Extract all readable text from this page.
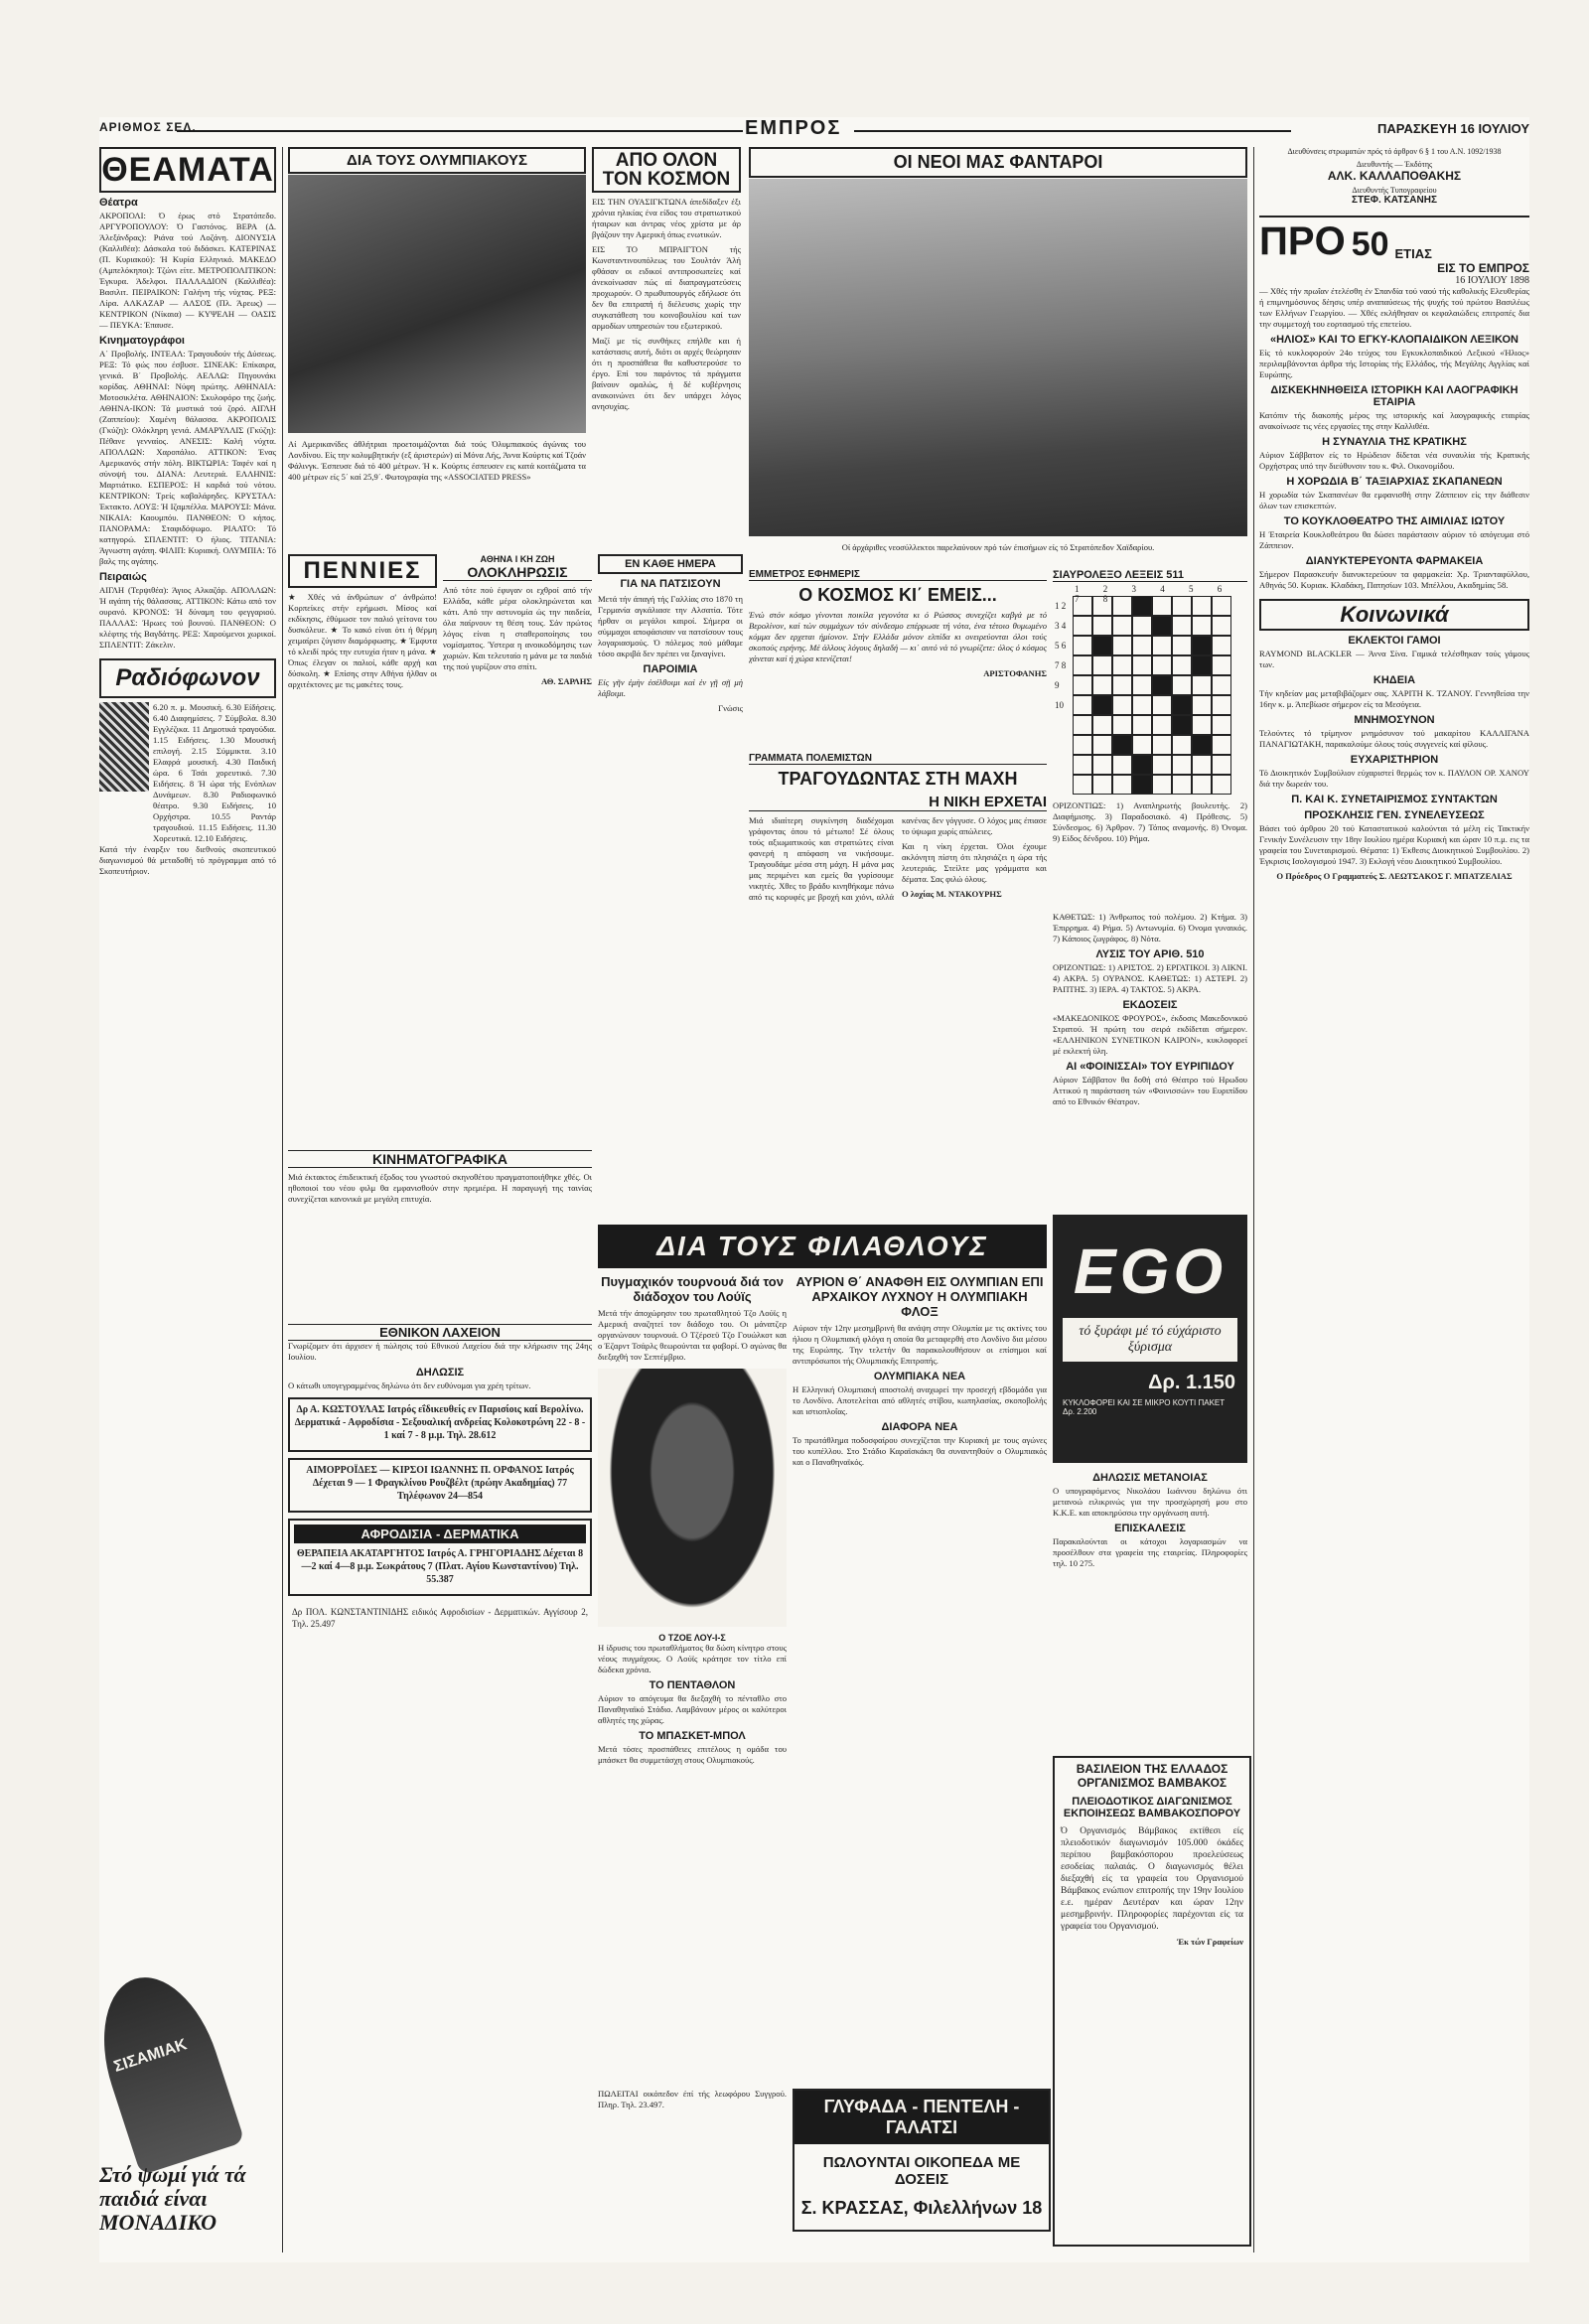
ΑΡΙΘΜΟΣ ΣΕΛ.	ΕΜΠΡΟΣ	ΠΑΡΑΣΚΕΥΗ 16 ΙΟΥΛΙΟΥ
ΘΕΑΜΑΤΑ
Θέατρα

ΑΚΡΟΠΟΛΙ: Ό έρως στό Στρατόπεδο. ΑΡΓΥΡΟΠΟΥΛΟΥ: Ό Γαστόνος. ΒΕΡΑ (Δ. Άλεξάνδρας): Ριάνα τού Λοζάνη. ΔΙΟΝΥΣΙΑ (Καλλιθέα): Δάσκαλα τού διδάσκει. ΚΑΤΕΡΙΝΑΣ (Π. Κυριακού): Ή Κυρία Ελληνικό. ΜΑΚΕΔΟ (Αμπελόκηποι): Τζώνι είτε. ΜΕΤΡΟΠΟΛΙΤΙΚΟΝ: Έγκυρα. Άδελφοι. ΠΑΛΛΑΔΙΟΝ (Καλλιθέα): Βασιλιτ. ΠΕΙΡΑΙΚΟΝ: Γαλήνη τής νύχτας. ΡΕΞ: Λίρα. ΑΛΚΑΖΑΡ — ΑΛΣΟΣ (Πλ. Άρεως) — ΚΕΝΤΡΙΚΟΝ (Νίκαια) — ΚΥΨΕΛΗ — ΟΑΣΙΣ — ΠΕΥΚΑ: Έπαυσε.

Κινηματογράφοι

Α΄ Προβολής. ΙΝΤΕΑΛ: Τραγουδούν τής Δύσεως. ΡΕΞ: Τό φώς που έσβυσε. ΣΙΝΕΑΚ: Επίκαιρα, γενικά. Β΄ Προβολής. ΑΕΛΛΩ: Πηγουνάκι κορίδας. ΑΘΗΝΑΙ: Νύφη πρώτης. ΑΘΗΝΑΙΑ: Μοτοσικλέτα. ΑΘΗΝΑΙΟΝ: Σκυλοφόρο της ζωής. ΑΘΗΝΑ-ΙΚΟΝ: Τά μυστικά τού ζορό. ΑΙΓΛΗ (Ζαππείου): Χαμένη θάλασσα. ΑΚΡΟΠΟΛΙΣ (Γκύζη): Ολόκληρη γενιά. ΑΜΑΡΥΛΛΙΣ (Γκύζη): Πέθανε γενναίος. ΑΝΕΣΙΣ: Καλή νύχτα. ΑΠΟΛΛΩΝ: Χαροπάλιο. ΑΤΤΙΚΟΝ: Ένας Αμερικανός στήν πόλη. ΒΙΚΤΩΡΙΑ: Ταφέν καί η σύνοψή του. ΔΙΑΝΑ: Λευτεριά. ΕΛΛΗΝΙΣ: Μαρτιάτικο. ΕΣΠΕΡΟΣ: Η καρδιά τού νότου. ΚΕΝΤΡΙΚΟΝ: Τρείς καβαλάρηδες. ΚΡΥΣΤΑΛ: Έκτακτο. ΛΟΥΞ: Ή Ιζαμπέλλα. ΜΑΡΟΥΣΙ: Μάνα. ΝΙΚΑΙΑ: Καουμπόυ. ΠΑΝΘΕΟΝ: Ό κήπος. ΠΑΝΟΡΑΜΑ: Σταφιδόψωμο. ΡΙΑΛΤΟ: Τό κατηγορώ. ΣΠΛΕΝΤΙΤ: Ό ήλιος. ΤΙΤΑΝΙΑ: Άγνωστη αγάπη. ΦΙΛΙΠ: Κυριακή. ΟΛΥΜΠΙΑ: Τό βαλς της αγάπης.

Πειραιώς

ΑΙΓΛΗ (Τερψιθέα): Άγιος Αλκαζάρ. ΑΠΟΛΛΩΝ: Ή αγάπη τής θάλασσας. ΑΤΤΙΚΟΝ: Κάτω από τον ουρανό. ΚΡΟΝΟΣ: Ή δύναμη του φεγγαριού. ΠΑΛΛΑΣ: Ήρωες τού βουνού. ΠΑΝΘΕΟΝ: Ο κλέφτης τής Βαγδάτης. ΡΕΞ: Χαρούμενοι χωρικοί. ΣΠΛΕΝΤΙΤ: Ζάκελιν.

Ραδιόφωνον

6.20 π. μ. Μουσική. 6.30 Είδήσεις. 6.40 Διαφημίσεις. 7 Σύμβολα. 8.30 Εγγλέζικα. 11 Δημοτικά τραγούδια. 1.15 Ειδήσεις. 1.30 Μουσική επιλογή. 2.15 Σύμμικτα. 3.10 Ελαφρά μουσική. 4.30 Παιδική ώρα. 6 Τσάι χορευτικό. 7.30 Ειδήσεις. 8 Ή ώρα τής Ενόπλων Δυνάμεων. 8.30 Ραδιοφωνικό θέατρο. 9.30 Ειδήσεις. 10 Ορχήστρα. 10.55 Ραντάρ τραγουδιού. 11.15 Ειδήσεις. 11.30 Χορευτικά. 12.10 Ειδήσεις.

Κατά τήν έναρξιν του διεθνούς σκοπευτικού διαγωνισμού θά μεταδοθή τό πρόγραμμα από τό Σκοπευτήριον.

ΣΙΣΑΜΙΑΚ
Στό ψωμί γιά τά παιδιά είναι ΜΟΝΑΔΙΚΟ
ΔΙΑ ΤΟΥΣ ΟΛΥΜΠΙΑΚΟΥΣ

Αί Αμερικανίδες άθλήτριαι προετοιμάζονται διά τούς Όλυμπιακούς άγώνας του Λονδίνου. Είς την κολυμβητικήν (εξ άριστερών) αί Μόνα Λής, Άννα Κούρτις καί Τζοάν Φάλινγκ. Έσπευσε διά τό 400 μέτρων. Ή κ. Κούρτις έσπευσεν εις κατά κοιτάζματα τα 400 μέτρων είς 5΄ καί 25,9΄. Φωτογραφία της «ASSOCIATED PRESS»

ΑΠΟ ΟΛΟΝ ΤΟΝ ΚΟΣΜΟΝ

ΕΙΣ ΤΗΝ ΟΥΑΣΙΓΚΤΩΝΑ άπεδίδαξεν έξι χρόνια ηλικίας ένα είδος του στρατιωτικού ήταιρων και άντρας νέος χρίστα με άρ βγάζουν την Αμερική όπως ενωτικών.

ΕΙΣ ΤΟ ΜΠΡΑΙΓΤΟΝ τής Κωνσταντινουπόλεως του Σουλτάν Άλή φθάσαν οι ειδικοί αντιπροσωπείες καί άνεκοίνωσαν πώς αί διαπραγματεύσεις προχωρούν. Ο πρωθυπουργός εδήλωσε ότι δεν θα επιτραπή ή διέλευσις χωρίς την συγκατάθεση του κοινοβουλίου καί των αρμοδίων υπηρεσιών του εξωτερικού.

Μαζί με τίς συνθήκες επήλθε και ή κατάστασις αυτή, διότι οι αρχές θεώρησαν ότι η προσπάθεια θα καθυστερούσε το έργο. Επί του παρόντος τά πράγματα βαίνουν ομαλώς, ή δέ κυβέρνησις ανακοινώνει ότι δεν υπάρχει λόγος ανησυχίας.

ΟΙ ΝΕΟΙ ΜΑΣ ΦΑΝΤΑΡΟΙ

Οί άρχάριθες νεοσύλλεκτοι παρελαύνουν πρό τών έπισήμων είς τό Στρατόπεδον Χαϊδαρίου.

Διευθύνσεις στρωματών πρός τό άρθρον 6 § 1 του Α.Ν. 1092/1938
Διευθυντής — Έκδότης
ΑΛΚ. ΚΑΛΛΑΠΟΘΑΚΗΣ
Διευθυντής Τυπογραφείου
ΣΤΕΦ. ΚΑΤΣΑΝΗΣ
ΠΡΟ 50 ΕΤΙΑΣ
ΕΙΣ ΤΟ ΕΜΠΡΟΣ
16 ΙΟΥΛΙΟΥ 1898

— Χθές τήν πρωΐαν έτελέσθη έν Σπανδία τού ναού τής καθολικής Ελευθερίας ή επιμνημόσυνος δέησις υπέρ αναπαύσεως τής ψυχής τού πρώτου Βασιλέως των Ελλήνων Γεωργίου. — Χθές εκλήθησαν οι κεφαλαιώδεις επιτροπές δια την συμμετοχή του εορτασμού τής επετείου.

«ΗΛΙΟΣ» ΚΑΙ ΤΟ ΕΓΚΥ-ΚΛΟΠΑΙΔΙΚΟΝ ΛΕΞΙΚΟΝ

Είς τό κυκλοφορούν 24ο τεύχος του Εγκυκλοπαιδικού Λεξικού «Ήλιος» περιλαμβάνονται άρθρα τής Ιστορίας τής Ελλάδος, τής Μεγάλης Αγγλίας καί Ευρώπης.

ΔΙΣΚΕΚΗΝΗΘΕΙΣΑ ΙΣΤΟΡΙΚΗ ΚΑΙ ΛΑΟΓΡΑΦΙΚΗ ΕΤΑΙΡΙΑ

Κατόπιν τής διακοπής μέρος της ιστορικής καί λαογραφικής εταιρίας ανακοίνωσε τις νέες εργασίες της στην Καλλιθέα.

Η ΣΥΝΑΥΛΙΑ ΤΗΣ ΚΡΑΤΙΚΗΣ

Αύριον Σάββατον είς το Ηρώδειον δίδεται νέα συναυλία τής Κρατικής Ορχήστρας υπό την διεύθυνσιν του κ. Φιλ. Οικονομίδου.

Η ΧΟΡΩΔΙΑ Β΄ ΤΑΞΙΑΡΧΙΑΣ ΣΚΑΠΑΝΕΩΝ

Η χορωδία τών Σκαπανέων θα εμφανισθή στην Ζάππειον είς την διάθεσιν όλων των επισκεπτών.

ΤΟ ΚΟΥΚΛΟΘΕΑΤΡΟ ΤΗΣ ΑΙΜΙΛΙΑΣ ΙΩΤΟΥ

Η Έταιρεία Κουκλοθεάτρου θα δώσει παράστασιν αύριον τό απόγευμα στό Ζάππειον.

ΔΙΑΝΥΚΤΕΡΕΥΟΝΤΑ ΦΑΡΜΑΚΕΙΑ

Σήμερον Παρασκευήν διανυκτερεύουν τα φαρμακεία: Χρ. Τριανταφύλλου, Αθηνάς 50. Κυριακ. Κλαδάκη, Πατησίων 103. Μπέλλου, Ακαδημίας 58.

Κοινωνικά
ΕΚΛΕΚΤΟΙ ΓΑΜΟΙ

RAYMOND BLACKLER — Άννα Σίνα. Γαμικά τελέσθηκαν τούς γάμους των.

ΚΗΔΕΙΑ

Τήν κηδείαν μας μεταβιβάζομεν σας. ΧΑΡΙΤΗ Κ. ΤΖΑΝΟΥ. Γεννηθείσα την 16ην κ. μ. Άπεβίωσε σήμερον είς τα Μεσόγεια.

ΜΝΗΜΟΣΥΝΟΝ

Τελούντες τό τρίμηνον μνημόσυνον τού μακαρίτου ΚΑΛΛΙΓΑΝΑ ΠΑΝΑΓΙΩΤΑΚΗ, παρακαλούμε όλους τούς συγγενείς καί φίλους.

ΕΥΧΑΡΙΣΤΗΡΙΟΝ

Τό Διοικητικόν Συμβούλιον εύχαριστεί θερμώς τον κ. ΠΑΥΛΟΝ ΟΡ. ΧΑΝΟΥ διά την δωρεάν του.

Π. ΚΑΙ Κ. ΣΥΝΕΤΑΙΡΙΣΜΟΣ ΣΥΝΤΑΚΤΩΝ
ΠΡΟΣΚΛΗΣΙΣ ΓΕΝ. ΣΥΝΕΛΕΥΣΕΩΣ

Βάσει τού άρθρου 20 τού Καταστατικού καλούνται τά μέλη είς Τακτικήν Γενικήν Συνέλευσιν την 18ην Ιουλίου ημέρα Κυριακή και ώραν 10 π.μ. εις τα γραφεία του Συνεταιρισμού. Θέματα: 1) Έκθεσις Διοικητικού Συμβουλίου. 2) Έγκρισις Ισολογισμού 1947. 3) Εκλογή νέου Διοικητικού Συμβουλίου.

Ο Πρόεδρος Ο Γραμματεύς Σ. ΛΕΩΤΣΑΚΟΣ Γ. ΜΠΑΤΖΕΛΙΑΣ

ΠΕΝΝΙΕΣ

★ Χθές νά άνθρώπων σ' άνθρώπο! Κορπείκες στήν ερήμωσι. Μίσος καί εκδίκησις, έθύμωσε τον παλιό γείτονα του δυσκόλευε. ★ Το κακό είναι ότι ή θέρμη χειμαίρει ζύγισιν διαμόρφωσης. ★ Έμφυτα τό κλειδί πρός την ευτυχία ήταν η μάνα. ★ Όπως έλεγαν οι παλιοί, κάθε αρχή και δύσκολη. ★ Επίσης στην Αθήνα ήλθαν οι αρχιτέκτονες με τις μακέτες τους.

ΑΘΗΝΑ Ι ΚΗ ΖΩΗ
ΟΛΟΚΛΗΡΩΣΙΣ

Από τότε πού έφυγαν οι εχθροί από τήν Ελλάδα, κάθε μέρα ολοκληρώνεται και κάτι. Από την αστυνομία ώς την παιδεία, όλα παίρνουν τη θέση τους. Σάν πρώτος λόγος είναι η σταθεροποίησις του νομίσματος. Ύστερα η ανοικοδόμησις των χωριών. Και τελευταίο η μάνα με τα παιδιά της πού γυρίζουν στο σπίτι.

ΑΘ. ΣΑΡΛΗΣ

ΕΜΜΕΤΡΟΣ ΕΦΗΜΕΡΙΣ
Ο ΚΟΣΜΟΣ ΚΙ΄ ΕΜΕΙΣ...

Ένώ στόν κόσμο γίνονται ποικίλα γεγονότα κι ό Ρώσσος συνεχίζει καβγά με τό Βερολίνον, καί τών συμμάχων τόν σύνδεσμο επέρρωσε τή νότα, ένα τέτοιο θυμωμένο κόμμα δεν ερχεται ήμίονον. Στήν Ελλάδα μόνον ελπίδα κι ονειρεύονται όλοι τούς σκοπούς ειρήνης. Μέ άλλους λόγους δηλαδή — κι΄ αυτό νά τό γνωρίζετε: όλος ό κόσμος χάνεται καί ή χώρα κτενίζεται!

ΑΡΙΣΤΟΦΑΝΗΣ

ΣΙΑΥΡΟΛΕΞΟ ΛΕΞΕΙΣ 511
1 2 3 4 5 6 7 8
1 2 3 4 5 6 7 8 9 10

ΟΡΙΖΟΝΤΙΩΣ: 1) Αναπληρωτής βουλευτής. 2) Διαφήμισης. 3) Παραδοσιακό. 4) Πρόθεσις. 5) Σύνδεσμος. 6) Άρθρον. 7) Τόπος αναμονής. 8) Όνομα. 9) Είδος δένδρου. 10) Ρήμα.

ΓΡΑΜΜΑΤΑ ΠΟΛΕΜΙΣΤΩΝ
ΤΡΑΓΟΥΔΩΝΤΑΣ ΣΤΗ ΜΑΧΗ
Η ΝΙΚΗ ΕΡΧΕΤΑΙ

Μιά ιδιαίτερη συγκίνηση διαδέχομαι γράφοντας όπου τό μέτωπο! Σέ όλους τούς αξιωματικούς και στρατιώτες είναι φανερή η απόφαση να νικήσουμε. Τραγουδάμε μέσα στη μάχη. Η μάνα μας μας περιμένει και εμείς θα γυρίσουμε νικητές. Χθες το βράδυ κινηθήκαμε πάνω από τις κορυφές με βροχή και χιόνι, αλλά κανένας δεν γόγγυσε. Ο λόχος μας έπιασε το ύψωμα χωρίς απώλειες.

Και η νίκη έρχεται. Όλοι έχουμε ακλόνητη πίστη ότι πλησιάζει η ώρα τής λευτεριάς. Στείλτε μας γράμματα και δέματα. Σας φιλώ όλους.

Ο λοχίας Μ. ΝΤΑΚΟΥΡΗΣ

ΚΑΘΕΤΩΣ: 1) Άνθρωπος τού πολέμου. 2) Κτήμα. 3) Έπιρρημα. 4) Ρήμα. 5) Αντωνυμία. 6) Όνομα γυναικός. 7) Κάποιος ζωγράφος. 8) Νότα.

ΛΥΣΙΣ ΤΟΥ ΑΡΙΘ. 510

ΟΡΙΖΟΝΤΙΩΣ: 1) ΑΡΙΣΤΟΣ. 2) ΕΡΓΑΤΙΚΟΙ. 3) ΛΙΚΝΙ. 4) ΑΚΡΑ. 5) ΟΥΡΑΝΟΣ. ΚΑΘΕΤΩΣ: 1) ΑΣΤΕΡΙ. 2) ΡΑΠΤΗΣ. 3) ΙΕΡΑ. 4) ΤΑΚΤΟΣ. 5) ΑΚΡΑ.

ΕΚΔΟΣΕΙΣ

«ΜΑΚΕΔΟΝΙΚΟΣ ΦΡΟΥΡΟΣ», έκδοσις Μακεδονικού Στρατού. Ή πρώτη του σειρά εκδίδεται σήμερον. «ΕΛΛΗΝΙΚΟΝ ΣΥΝΕΤΙΚΟΝ ΚΑΙΡΟΝ», κυκλοφορεί μέ εκλεκτή ύλη.

ΑΙ «ΦΟΙΝΙΣΣΑΙ» ΤΟΥ ΕΥΡΙΠΙΔΟΥ

Αύριον Σάββατον θα δοθή στό Θέατρο τού Ηρωδου Αττικού η παράσταση τών «Φοινισσών» του Ευριπίδου από το Εθνικόν Θέατρον.

ΕΝ ΚΑΘΕ ΗΜΕΡΑ
ΓΙΑ ΝΑ ΠΑΤΣΙΣΟΥΝ

Μετά τήν άπαγή τής Γαλλίας στο 1870 τη Γερμανία αγκάλιασε την Αλσατία. Τότε ήρθαν οι μεγάλοι καιροί. Σήμερα οι σύμμαχοι αποφάσισαν να πατσίσουν τους λογαριασμούς. Ό πόλεμος πού μάθαμε τόσο ακριβά δεν πρέπει να ξαναγίνει.

ΠΑΡΟΙΜΙΑ

Εἰς γῆν ἐμὴν ἐσέλθοιμι καὶ ἐν γῇ σῇ μὴ λάβοιμι.

Γνώσις

ΚΙΝΗΜΑΤΟΓΡΑΦΙΚΑ

Μιά έκτακτος έπιδεικτική έξοδος του γνωστού σκηνοθέτου πραγματοποιήθηκε χθές. Οι ηθοποιοί του νέου φιλμ θα εμφανισθούν στην πρεμιέρα. Η παραγωγή της ταινίας συνεχίζεται κανονικά με μεγάλη επιτυχία.

ΔΙΑ ΤΟΥΣ ΦΙΛΑΘΛΟΥΣ
Πυγμαχικόν τουρνουά διά τον διάδοχον του Λούϊς

Μετά τήν άποχώρησιν του πρωταθλητού Τζο Λούϊς η Αμερική αναζητεί τον διάδοχο του. Οι μάνατζερ οργανώνουν τουρνουά. Ο Τζέρσεϋ Τζο Γουώλκοτ και ο Έζαρντ Τσάρλς θεωρούνται τα φαβορί. Ό αγώνας θα διεξαχθή τον Σεπτέμβριο.

Ο ΤΖΟΕ ΛΟΥ-Ι-Σ

Η ίδρυσις του πρωταθλήματος θα δώση κίνητρο στους νέους πυγμάχους. Ο Λούϊς κράτησε τον τίτλο επί δώδεκα χρόνια.

ΤΟ ΠΕΝΤΑΘΛΟΝ

Αύριον το απόγευμα θα διεξαχθή το πένταθλο στο Παναθηναϊκό Στάδιο. Λαμβάνουν μέρος οι καλύτεροι αθλητές της χώρας.

ΤΟ ΜΠΑΣΚΕΤ-ΜΠΟΛ

Μετά τόσες προσπάθειες επιτέλους η ομάδα του μπάσκετ θα συμμετάσχη στους Ολυμπιακούς.

ΑΥΡΙΟΝ Θ΄ ΑΝΑΦΘΗ ΕΙΣ ΟΛΥΜΠΙΑΝ ΕΠΙ ΑΡΧΑΙΚΟΥ ΛΥΧΝΟΥ Η ΟΛΥΜΠΙΑΚΗ ΦΛΟΞ

Αύριον τήν 12ην μεσημβρινή θα ανάψη στην Ολυμπία με τις ακτίνες του ήλιου η Ολυμπιακή φλόγα η οποία θα μεταφερθή στο Λονδίνο δια μέσου της Ευρώπης. Την τελετήν θα παρακολουθήσουν οι επίσημοι καί αντιπρόσωποι τής Ολυμπιακής Επιτροπής.

ΟΛΥΜΠΙΑΚΑ ΝΕΑ

Η Ελληνική Ολυμπιακή αποστολή αναχωρεί την προσεχή εβδομάδα για το Λονδίνο. Αποτελείται από αθλητές στίβου, κωπηλασίας, σκοποβολής και ιστιοπλοΐας.

ΔΙΑΦΟΡΑ ΝΕΑ

Το πρωτάθλημα ποδοσφαίρου συνεχίζεται την Κυριακή με τους αγώνες του κυπέλλου. Στο Στάδιο Καραϊσκάκη θα συναντηθούν ο Ολυμπιακός και ο Παναθηναϊκός.

ΕΘΝΙΚΟΝ ΛΑΧΕΙΟΝ

Γνωρίζομεν ότι άρχισεν ή πώλησις τού Εθνικού Λαχείου διά την κλήρωσιν της 24ης Ιουλίου.

ΔΗΛΩΣΙΣ

Ο κάτωθι υπογεγραμμένος δηλώνω ότι δεν ευθύνομαι για χρέη τρίτων.

Δρ Α. ΚΩΣΤΟΥΛΑΣ Ιατρός εΐδικευθείς εν Παρισίοις καί Βερολίνω. Δερματικά - Αφροδίσια - Σεξουαλική ανδρείας Κολοκοτρώνη 22 - 8 - 1 καί 7 - 8 μ.μ. Τηλ. 28.612

ΑΙΜΟΡΡΟΪΔΕΣ — ΚΙΡΣΟΙ ΙΩΑΝΝΗΣ Π. ΟΡΦΑΝΟΣ Ιατρός Δέχεται 9 — 1 Φραγκλίνου Ρουζβέλτ (πρώην Ακαδημίας) 77 Τηλέφωνον 24—854

ΑΦΡΟΔΙΣΙΑ - ΔΕΡΜΑΤΙΚΑ

ΘΕΡΑΠΕΙΑ ΑΚΑΤΑΡΓΗΤΟΣ Ιατρός Α. ΓΡΗΓΟΡΙΑΔΗΣ Δέχεται 8—2 καί 4—8 μ.μ. Σωκράτους 7 (Πλατ. Αγίου Κωνσταντίνου) Τηλ. 55.387

Δρ ΠΟΛ. ΚΩΝΣΤΑΝΤΙΝΙΔΗΣ ειδικός Αφροδισίων - Δερματικών. Αγγίσουρ 2, Τηλ. 25.497

EGO
τό ξυράφι μέ τό εύχάριστο ξύρισμα
Δρ. 1.150
ΚΥΚΛΟΦΟΡΕΙ ΚΑΙ ΣΕ ΜΙΚΡΟ ΚΟΥΤΙ ΠΑΚΕΤ Δρ. 2.200
ΔΗΛΩΣΙΣ ΜΕΤΑΝΟΙΑΣ

Ο υπογραφόμενος Νικολάου Ιωάννου δηλώνω ότι μετανοώ ειλικρινώς για την προσχώρησή μου στο Κ.Κ.Ε. και αποκηρύσσω την οργάνωση αυτή.

ΕΠΙΣΚΑΛΕΣΙΣ

Παρακαλούνται οι κάτοχοι λογαριασμών να προσέλθουν στα γραφεία της εταιρείας. Πληροφορίες τηλ. 10 275.

ΓΛΥΦΑΔΑ - ΠΕΝΤΕΛΗ - ΓΑΛΑΤΣΙ
ΠΩΛΟΥΝΤΑΙ ΟΙΚΟΠΕΔΑ ΜΕ ΔΟΣΕΙΣ
Σ. ΚΡΑΣΣΑΣ, Φιλελλήνων 18

ΠΩΛΕΙΤΑΙ οικόπεδον έπί τής λεωφόρου Συγγρού. Πληρ. Τηλ. 23.497.

ΒΑΣΙΛΕΙΟΝ ΤΗΣ ΕΛΛΑΔΟΣ ΟΡΓΑΝΙΣΜΟΣ ΒΑΜΒΑΚΟΣ
ΠΛΕΙΟΔΟΤΙΚΟΣ ΔΙΑΓΩΝΙΣΜΟΣ ΕΚΠΟΙΗΣΕΩΣ ΒΑΜΒΑΚΟΣΠΟΡΟΥ

Ό Οργανισμός Βάμβακος εκτίθεσι είς πλειοδοτικόν διαγωνισμόν 105.000 όκάδες περίπου βαμβακόσπορου προελεύσεως εσοδείας παλαιάς. Ο διαγωνισμός θέλει διεξαχθή είς τα γραφεία του Οργανισμού Βάμβακος ενώπιον επιτροπής την 19ην Ιουλίου ε.ε. ημέραν Δευτέραν και ώραν 12ην μεσημβρινήν. Πληροφορίες παρέχονται είς τα γραφεία του Οργανισμού.

Έκ τών Γραφείων
